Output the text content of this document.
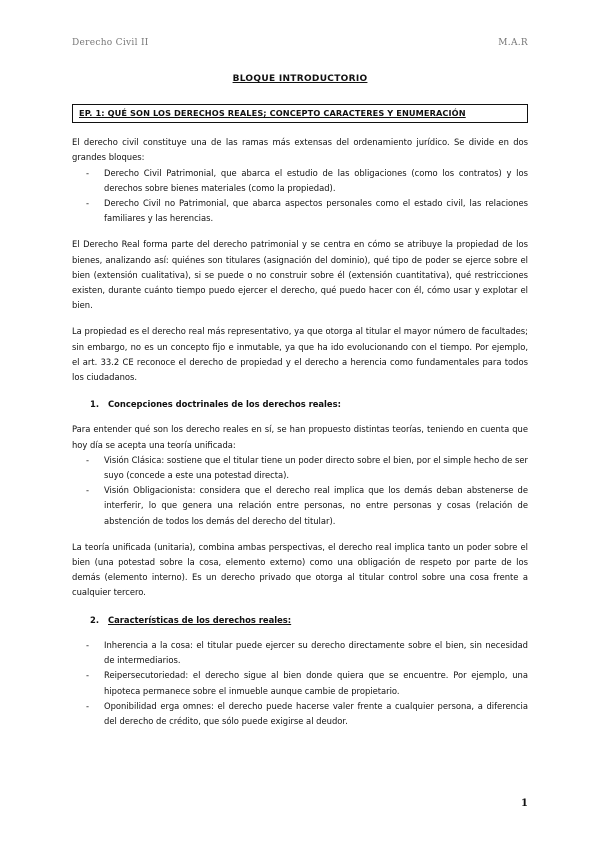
Derecho Civil II	M.A.R
BLOQUE INTRODUCTORIO
EP. 1: QUÉ SON LOS DERECHOS REALES; CONCEPTO CARACTERES Y ENUMERACIÓN

El derecho civil constituye una de las ramas más extensas del ordenamiento jurídico. Se divide en dos grandes bloques:

- Derecho Civil Patrimonial, que abarca el estudio de las obligaciones (como los contratos) y los derechos sobre bienes materiales (como la propiedad).
- Derecho Civil no Patrimonial, que abarca aspectos personales como el estado civil, las relaciones familiares y las herencias.

El Derecho Real forma parte del derecho patrimonial y se centra en cómo se atribuye la propiedad de los bienes, analizando así: quiénes son titulares (asignación del dominio), qué tipo de poder se ejerce sobre el bien (extensión cualitativa), si se puede o no construir sobre él (extensión cuantitativa), qué restricciones existen, durante cuánto tiempo puedo ejercer el derecho, qué puedo hacer con él, cómo usar y explotar el bien.

La propiedad es el derecho real más representativo, ya que otorga al titular el mayor número de facultades; sin embargo, no es un concepto fijo e inmutable, ya que ha ido evolucionando con el tiempo. Por ejemplo, el art. 33.2 CE reconoce el derecho de propiedad y el derecho a herencia como fundamentales para todos los ciudadanos.

1. Concepciones doctrinales de los derechos reales:

Para entender qué son los derecho reales en sí, se han propuesto distintas teorías, teniendo en cuenta que hoy día se acepta una teoría unificada:

- Visión Clásica: sostiene que el titular tiene un poder directo sobre el bien, por el simple hecho de ser suyo (concede a este una potestad directa).
- Visión Obligacionista: considera que el derecho real implica que los demás deban abstenerse de interferir, lo que genera una relación entre personas, no entre personas y cosas (relación de abstención de todos los demás del derecho del titular).

La teoría unificada (unitaria), combina ambas perspectivas, el derecho real implica tanto un poder sobre el bien (una potestad sobre la cosa, elemento externo) como una obligación de respeto por parte de los demás (elemento interno). Es un derecho privado que otorga al titular control sobre una cosa frente a cualquier tercero.

2. Características de los derechos reales:
- Inherencia a la cosa: el titular puede ejercer su derecho directamente sobre el bien, sin necesidad de intermediarios.
- Reipersecutoriedad: el derecho sigue al bien donde quiera que se encuentre. Por ejemplo, una hipoteca permanece sobre el inmueble aunque cambie de propietario.
- Oponibilidad erga omnes: el derecho puede hacerse valer frente a cualquier persona, a diferencia del derecho de crédito, que sólo puede exigirse al deudor.
1
